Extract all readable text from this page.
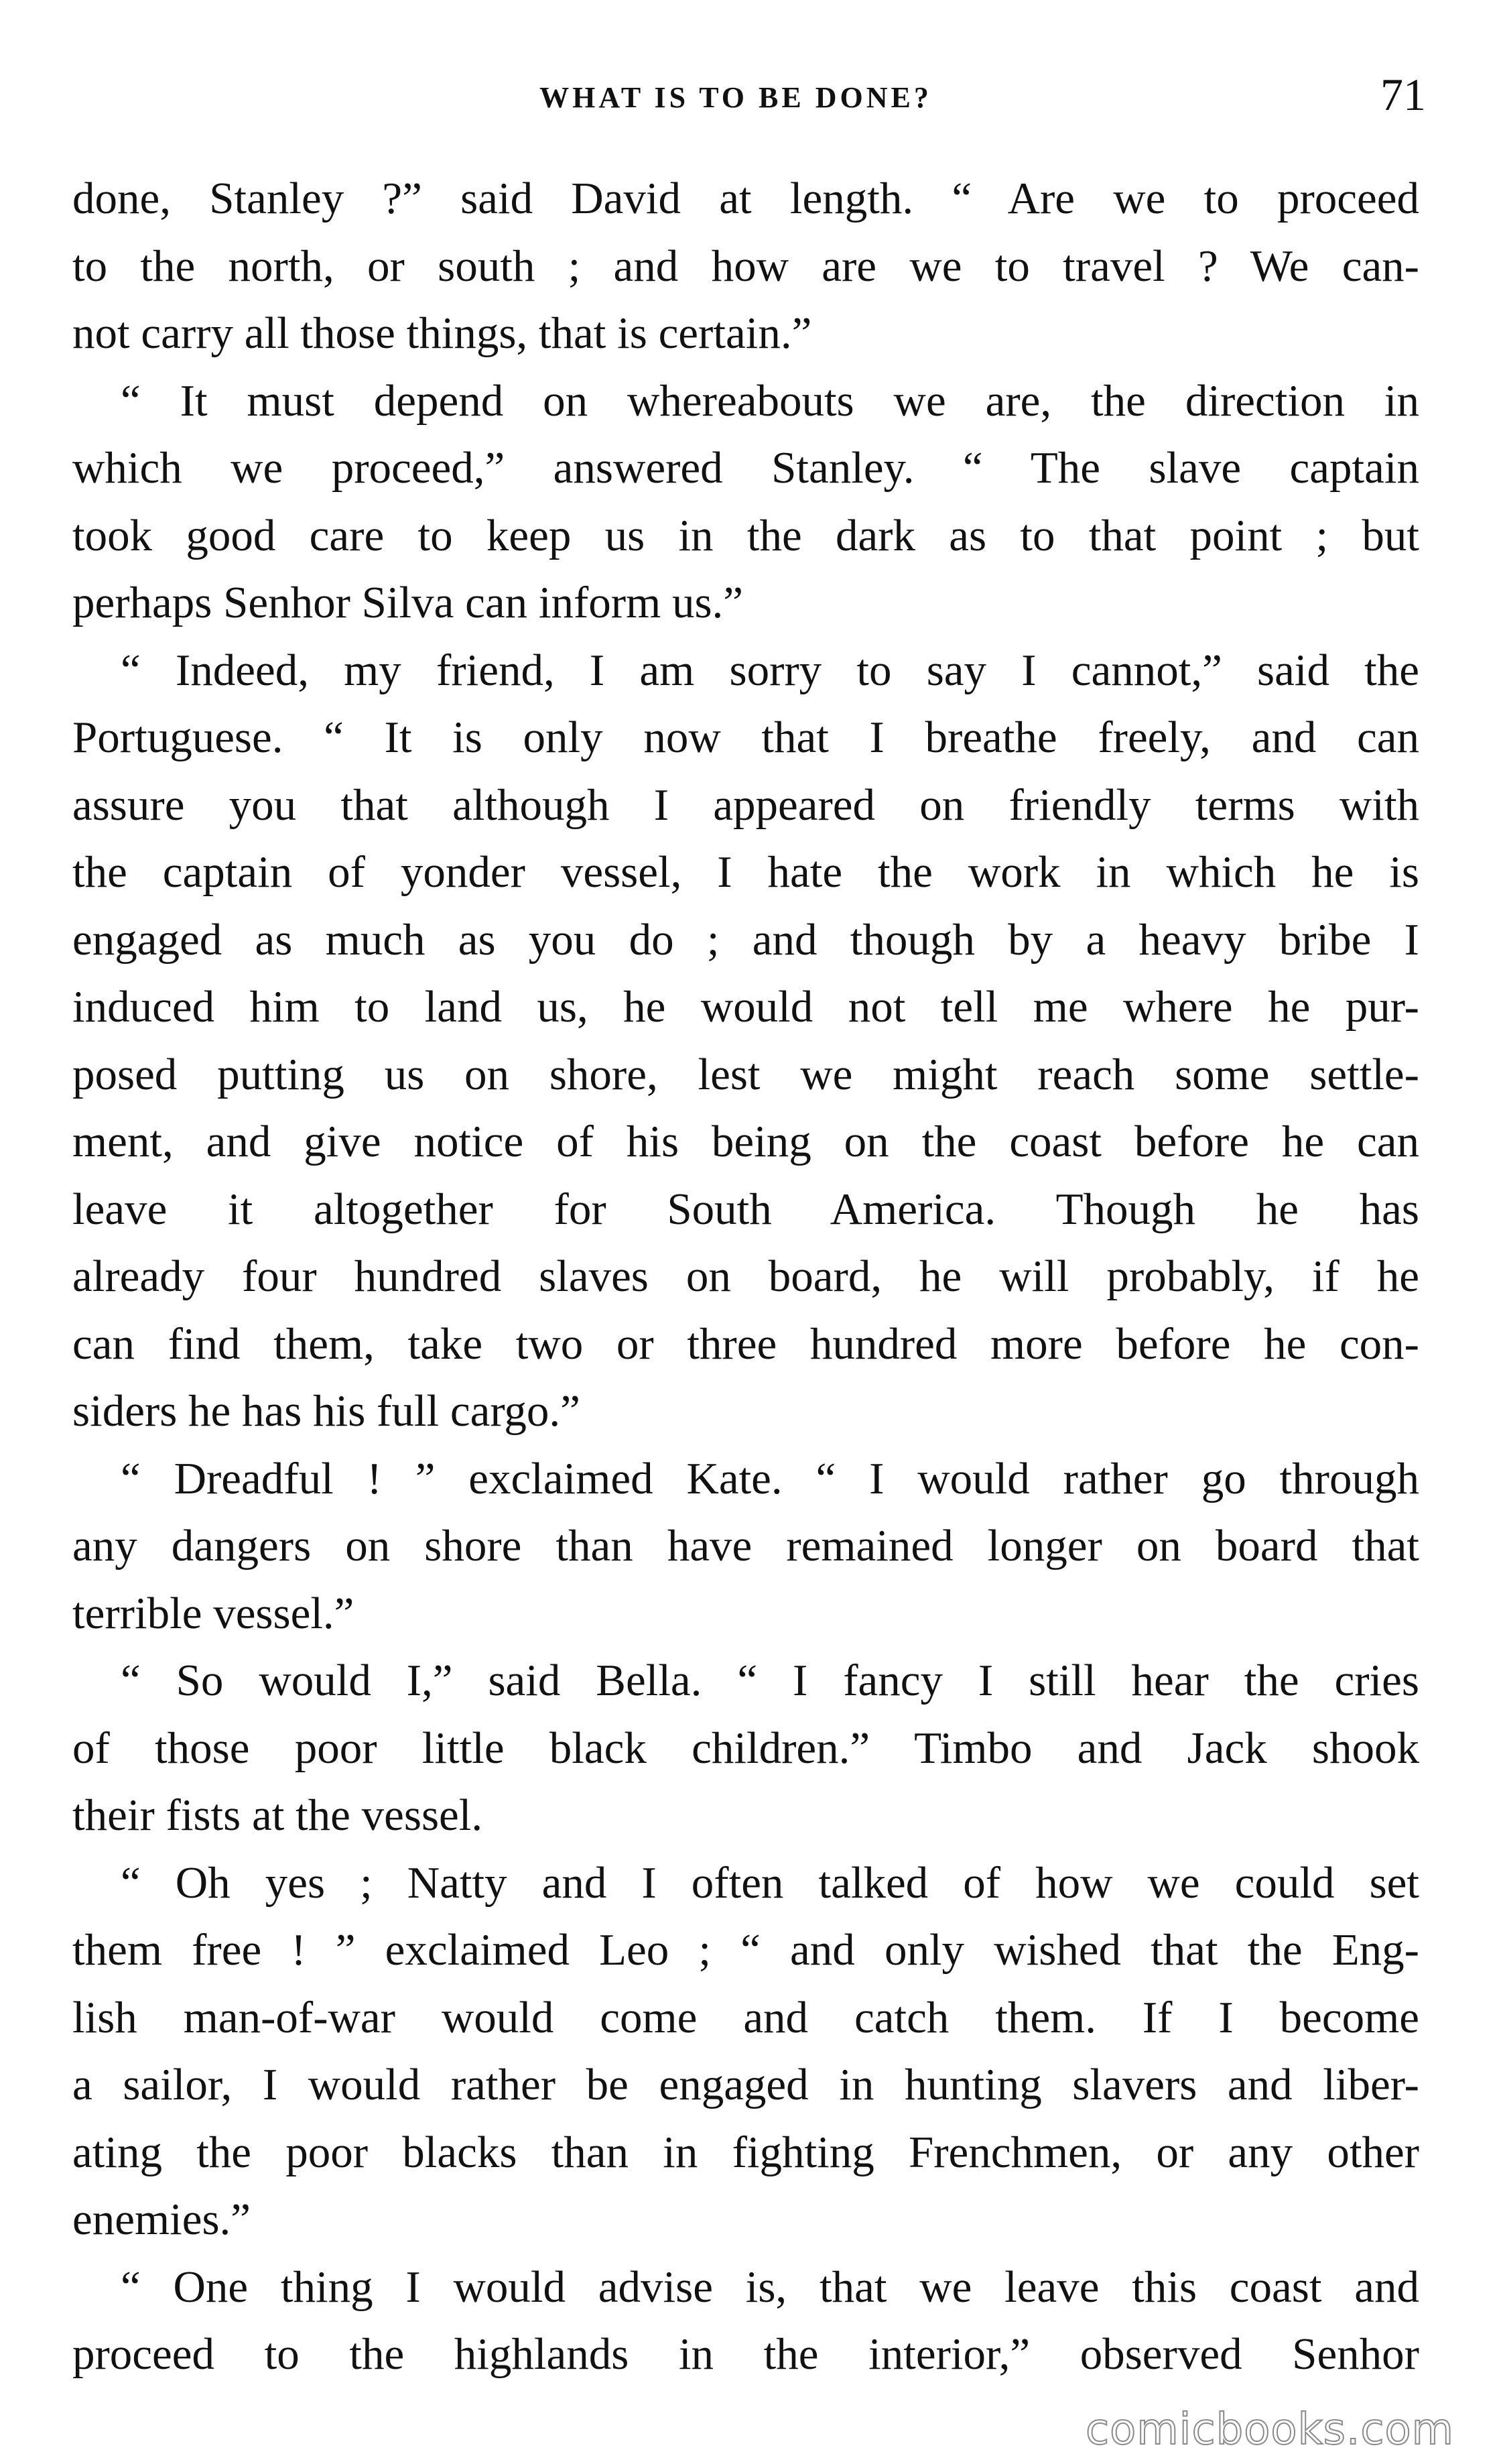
WHAT IS TO BE DONE?	71
done, Stanley ?” said David at length. “ Are we to proceed
to the north, or south ; and how are we to travel ? We can-
not carry all those things, that is certain.”
“ It must depend on whereabouts we are, the direction in
which we proceed,” answered Stanley. “ The slave captain
took good care to keep us in the dark as to that point ; but
perhaps Senhor Silva can inform us.”
“ Indeed, my friend, I am sorry to say I cannot,” said the
Portuguese. “ It is only now that I breathe freely, and can
assure you that although I appeared on friendly terms with
the captain of yonder vessel, I hate the work in which he is
engaged as much as you do ; and though by a heavy bribe I
induced him to land us, he would not tell me where he pur-
posed putting us on shore, lest we might reach some settle-
ment, and give notice of his being on the coast before he can
leave it altogether for South America. Though he has
already four hundred slaves on board, he will probably, if he
can find them, take two or three hundred more before he con-
siders he has his full cargo.”
“ Dreadful ! ” exclaimed Kate. “ I would rather go through
any dangers on shore than have remained longer on board that
terrible vessel.”
“ So would I,” said Bella. “ I fancy I still hear the cries
of those poor little black children.” Timbo and Jack shook
their fists at the vessel.
“ Oh yes ; Natty and I often talked of how we could set
them free ! ” exclaimed Leo ; “ and only wished that the Eng-
lish man-of-war would come and catch them. If I become
a sailor, I would rather be engaged in hunting slavers and liber-
ating the poor blacks than in fighting Frenchmen, or any other
enemies.”
“ One thing I would advise is, that we leave this coast and
proceed to the highlands in the interior,” observed Senhor
comicbooks.com
